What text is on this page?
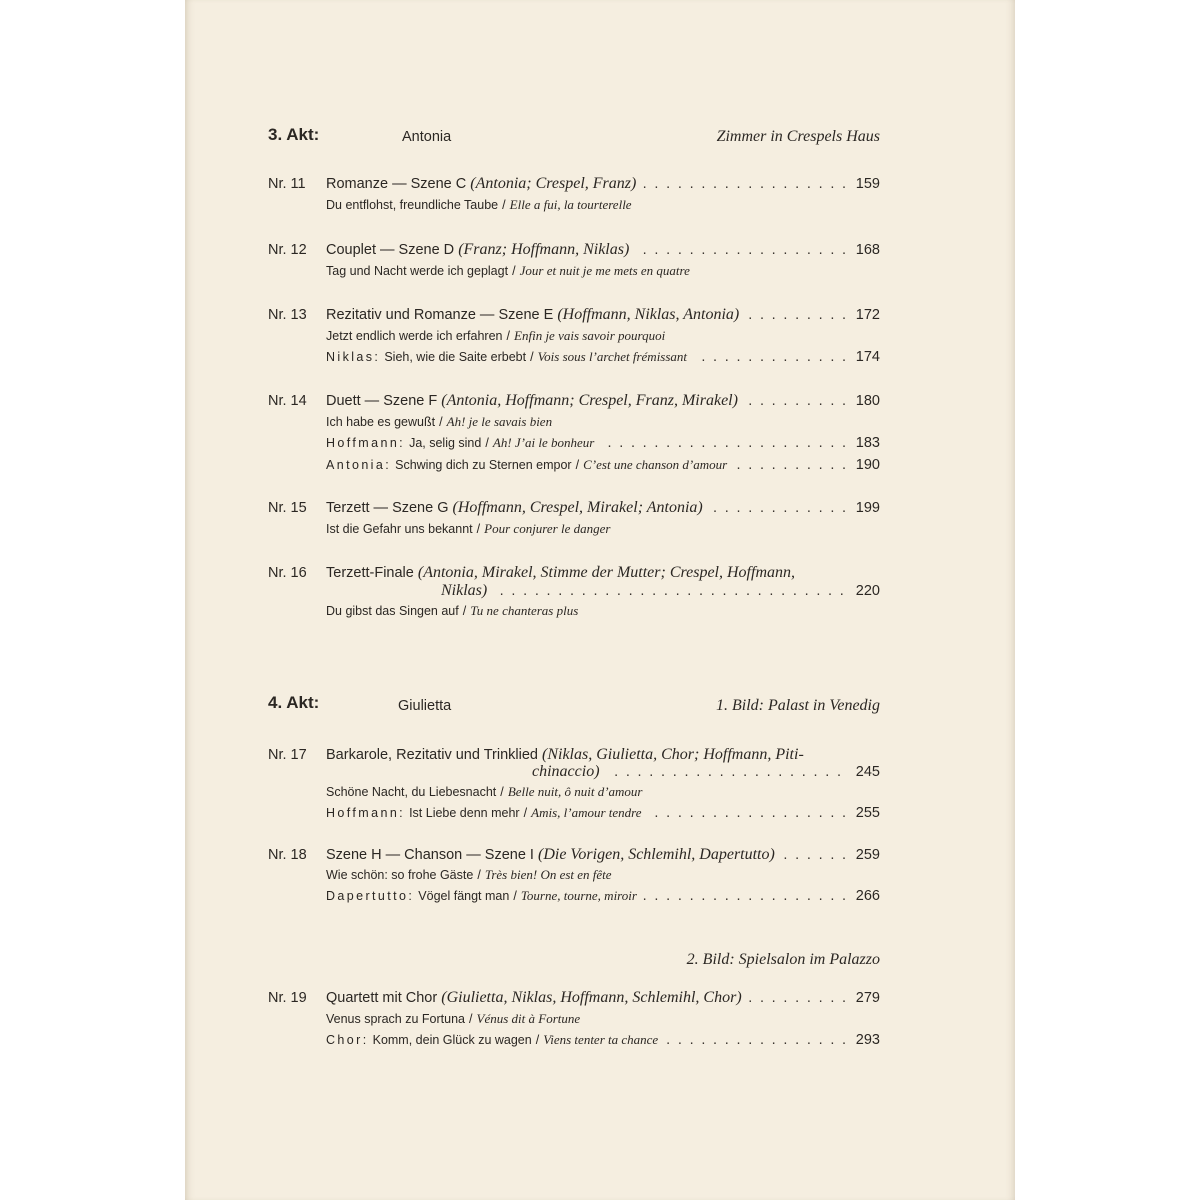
3. Akt:	Antonia	Zimmer in Crespels Haus
Nr. 11 ..... Romanze — Szene C (Antonia; Crespel, Franz)	159
Du entflohst, freundliche Taube / Elle a fui, la tourterelle
Nr. 12 ..... Couplet — Szene D (Franz; Hoffmann, Niklas)	168
Tag und Nacht werde ich geplagt / Jour et nuit je me mets en quatre
Nr. 13 ..... Rezitativ und Romanze — Szene E (Hoffmann, Niklas, Antonia)	172
Jetzt endlich werde ich erfahren / Enfin je vais savoir pourquoi
..... Niklas: Sieh, wie die Saite erbebt / Vois sous l’archet frémissant	174
Nr. 14 ..... Duett — Szene F (Antonia, Hoffmann; Crespel, Franz, Mirakel)	180
Ich habe es gewußt / Ah! je le savais bien
..... Hoffmann: Ja, selig sind / Ah! J’ai le bonheur	183
..... Antonia: Schwing dich zu Sternen empor / C’est une chanson d’amour	190
Nr. 15 ..... Terzett — Szene G (Hoffmann, Crespel, Mirakel; Antonia)	199
Ist die Gefahr uns bekannt / Pour conjurer le danger
Nr. 16 Terzett-Finale (Antonia, Mirakel, Stimme der Mutter; Crespel, Hoffmann,
..... Niklas)	220
Du gibst das Singen auf / Tu ne chanteras plus
4. Akt:	Giulietta	1. Bild: Palast in Venedig
Nr. 17 Barkarole, Rezitativ und Trinklied (Niklas, Giulietta, Chor; Hoffmann, Piti-
..... chinaccio)	245
Schöne Nacht, du Liebesnacht / Belle nuit, ô nuit d’amour
..... Hoffmann: Ist Liebe denn mehr / Amis, l’amour tendre	255
Nr. 18 ..... Szene H — Chanson — Szene I (Die Vorigen, Schlemihl, Dapertutto)	259
Wie schön: so frohe Gäste / Très bien! On est en fête
..... Dapertutto: Vögel fängt man / Tourne, tourne, miroir	266
2. Bild: Spielsalon im Palazzo
Nr. 19 ..... Quartett mit Chor (Giulietta, Niklas, Hoffmann, Schlemihl, Chor)	279
Venus sprach zu Fortuna / Vénus dit à Fortune
..... Chor: Komm, dein Glück zu wagen / Viens tenter ta chance	293
